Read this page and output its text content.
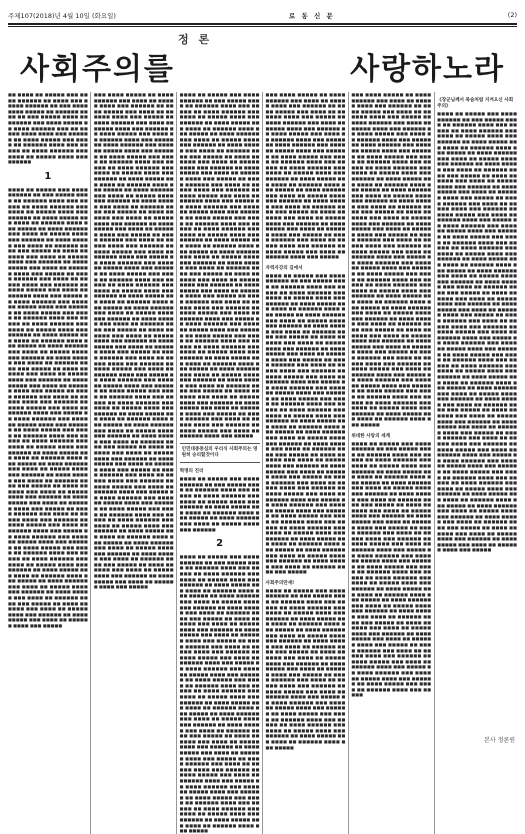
주체107(2018)년 4월 10일 (화요일)	로 동 신 문	(2)
정 론
사회주의를	사랑하노라
■■ ■■■■ ■■ ■■■■■ ■■■ ■■■■ ■■■■■■ ■■ ■■■■ ■■■ ■■■■■ ■■■■■■ ■■ ■■■ ■■■■ ■■■■ ■■■■■ ■■ ■■■■■■ ■■■■ ■■ ■■■ ■■■■■ ■■■■ ■■ ■■■■■■ ■■■ ■■■■ ■■■■■ ■■ ■■■■ ■■■■■■ ■■■ ■■ ■■■■■ ■■■■ ■■■■ ■■■ ■■■■■■ ■■ ■■■■ ■■■■■ ■■■ ■■■■ ■■ ■■■■■■ ■■■■ ■■■ ■■■■■ ■■ ■■■■ ■■■■■■ ■■■ ■■■■ ■■ ■■■■■ ■■■■ ■■■ ■■■■■■
1
■■■■ ■■ ■■■■■ ■■■ ■■■■ ■■■■■■ ■■ ■■■ ■■■■■ ■■■■ ■■ ■■■■■■ ■■■■ ■■■ ■■■■■ ■■ ■■■■ ■■■■■■ ■■■ ■■■■ ■■ ■■■■■ ■■■■ ■■■ ■■■■■■ ■■ ■■■■ ■■■■■ ■■■ ■■■■ ■■ ■■■■■■ ■■■■ ■■■ ■■■■■ ■■ ■■■■ ■■■■■■ ■■■ ■■■■ ■■ ■■■■■ ■■■■ ■■■ ■■■■■■ ■■ ■■■■ ■■■■■ ■■■ ■■■■ ■■ ■■■■■■ ■■■■ ■■■ ■■■■■ ■■ ■■■■ ■■■■■■ ■■■ ■■■■ ■■ ■■■■■ ■■■■ ■■■ ■■■■■■ ■■ ■■■■ ■■■■■ ■■■ ■■■■ ■■ ■■■■■■ ■■■■ ■■■ ■■■■■ ■■ ■■■■ ■■■■■■ ■■■ ■■■■ ■■ ■■■■■ ■■■■ ■■■ ■■■■■■ ■■ ■■■■ ■■■■■ ■■■ ■■■■ ■■ ■■■■■■ ■■■■ ■■■ ■■■■■ ■■ ■■■■ ■■■■■■ ■■■ ■■■■ ■■ ■■■■■ ■■■■ ■■■ ■■■■■■ ■■ ■■■■ ■■■■■ ■■■ ■■■■ ■■ ■■■■■■ ■■■■ ■■■ ■■■■■ ■■ ■■■■ ■■■■■■ ■■■ ■■■■ ■■ ■■■■■ ■■■■ ■■■ ■■■■■■ ■■ ■■■■ ■■■■■ ■■■ ■■■■ ■■ ■■■■■■ ■■■■ ■■■ ■■■■■ ■■ ■■■■ ■■■■■■ ■■■ ■■■■ ■■ ■■■■■ ■■■■ ■■■ ■■■■■■ ■■ ■■■■ ■■■■■ ■■■ ■■■■ ■■ ■■■■■■ ■■■■ ■■■ ■■■■■ ■■ ■■■■ ■■■■■■ ■■■ ■■■■ ■■ ■■■■■ ■■■■ ■■■ ■■■■■■ ■■ ■■■■ ■■■■■ ■■■ ■■■■ ■■ ■■■■■■ ■■■■ ■■■ ■■■■■ ■■ ■■■■ ■■■■■■ ■■■ ■■■■ ■■ ■■■■■ ■■■■ ■■■ ■■■■■■ ■■ ■■■■ ■■■■■ ■■■ ■■■■ ■■ ■■■■■■ ■■■■ ■■■ ■■■■■ ■■ ■■■■ ■■■■■■ ■■■ ■■■■ ■■ ■■■■■ ■■■■ ■■■ ■■■■■■ ■■ ■■■■ ■■■■■ ■■■ ■■■■ ■■ ■■■■■■ ■■■■ ■■■ ■■■■■ ■■ ■■■■ ■■■■■■ ■■■ ■■■■ ■■ ■■■■■ ■■■■ ■■■ ■■■■■■ ■■ ■■■■ ■■■■■ ■■■ ■■■■ ■■ ■■■■■■ ■■■■ ■■■ ■■■■■ ■■ ■■■■ ■■■■■■ ■■■ ■■■■ ■■ ■■■■■ ■■■■ ■■■ ■■■■■■ ■■ ■■■■ ■■■■■ ■■■ ■■■■ ■■ ■■■■■■ ■■■■ ■■■ ■■■■■ ■■ ■■■■ ■■■■■■ ■■■ ■■■■ ■■ ■■■■■ ■■■■ ■■■ ■■■■■■ ■■ ■■■■ ■■■■■ ■■■ ■■■■ ■■ ■■■■■■ ■■■■ ■■■ ■■■■■ ■■ ■■■■ ■■■■■■ ■■■ ■■■■ ■■ ■■■■■ ■■■■ ■■■ ■■■■■■ ■■ ■■■■ ■■■■■ ■■■ ■■■■ ■■ ■■■■■■ ■■■■ ■■■ ■■■■■ ■■ ■■■■ ■■■■■■ ■■■ ■■■■ ■■ ■■■■■ ■■■■ ■■■ ■■■■■■ ■■ ■■■■ ■■■■■ ■■■ ■■■■ ■■ ■■■■■■ ■■■■ ■■■ ■■■■■ ■■ ■■■■ ■■■■■■ ■■■ ■■■■ ■■ ■■■■■ ■■■■ ■■■ ■■■■■■ ■■ ■■■■ ■■■■■ ■■■ ■■■■ ■■ ■■■■■■ ■■■■ ■■■ ■■■■■ ■■ ■■■■ ■■■■■■ ■■■ ■■■■ ■■ ■■■■■ ■■■■ ■■■ ■■■■■■ ■■ ■■■■ ■■■■■ ■■■ ■■■■ ■■ ■■■■■■ ■■■■ ■■■ ■■■■■ ■■ ■■■■ ■■■■■■ ■■■ ■■■■ ■■ ■■■■■ ■■■■ ■■■ ■■■■■■ ■■ ■■■■ ■■■■■ ■■■ ■■■■ ■■ ■■■■■■ ■■■■ ■■■ ■■■■■
■■■ ■■■■ ■■■■■ ■■ ■■■■ ■■■■■■ ■■■ ■■■■ ■■ ■■■■■ ■■■■ ■■■ ■■■■■■ ■■ ■■■■ ■■■■■ ■■■ ■■■■ ■■ ■■■■■■ ■■■■ ■■■ ■■■■■ ■■ ■■■■ ■■■■■■ ■■■ ■■■■ ■■ ■■■■■ ■■■■ ■■■ ■■■■■■ ■■ ■■■■ ■■■■■ ■■■ ■■■■ ■■ ■■■■■■ ■■■■ ■■■ ■■■■■ ■■ ■■■■ ■■■■■■ ■■■ ■■■■ ■■ ■■■■■ ■■■■ ■■■ ■■■■■■ ■■ ■■■■ ■■■■■ ■■■ ■■■■ ■■ ■■■■■■ ■■■■ ■■■ ■■■■■ ■■ ■■■■ ■■■■■■ ■■■ ■■■■ ■■ ■■■■■ ■■■■ ■■■ ■■■■■■ ■■ ■■■■ ■■■■■ ■■■ ■■■■ ■■ ■■■■■■ ■■■■ ■■■ ■■■■■ ■■ ■■■■ ■■■■■■ ■■■ ■■■■ ■■ ■■■■■ ■■■■ ■■■ ■■■■■■ ■■ ■■■■ ■■■■■ ■■■ ■■■■ ■■ ■■■■■■ ■■■■ ■■■ ■■■■■ ■■ ■■■■ ■■■■■■ ■■■ ■■■■ ■■ ■■■■■ ■■■■ ■■■ ■■■■■■ ■■ ■■■■ ■■■■■ ■■■ ■■■■ ■■ ■■■■■■ ■■■■ ■■■ ■■■■■ ■■ ■■■■ ■■■■■■ ■■■ ■■■■ ■■ ■■■■■ ■■■■ ■■■ ■■■■■■ ■■ ■■■■ ■■■■■ ■■■ ■■■■ ■■ ■■■■■■ ■■■■ ■■■ ■■■■■ ■■ ■■■■ ■■■■■■ ■■■ ■■■■ ■■ ■■■■■ ■■■■ ■■■ ■■■■■■ ■■ ■■■■ ■■■■■ ■■■ ■■■■ ■■ ■■■■■■ ■■■■ ■■■ ■■■■■ ■■ ■■■■ ■■■■■■ ■■■ ■■■■ ■■ ■■■■■ ■■■■ ■■■ ■■■■■■ ■■ ■■■■ ■■■■■ ■■■ ■■■■ ■■ ■■■■■■ ■■■■ ■■■ ■■■■■ ■■ ■■■■ ■■■■■■ ■■■ ■■■■ ■■ ■■■■■ ■■■■ ■■■ ■■■■■■ ■■ ■■■■ ■■■■■ ■■■ ■■■■ ■■ ■■■■■■ ■■■■ ■■■ ■■■■■ ■■ ■■■■ ■■■■■■ ■■■ ■■■■ ■■ ■■■■■ ■■■■ ■■■ ■■■■■■ ■■ ■■■■ ■■■■■ ■■■ ■■■■ ■■ ■■■■■■ ■■■■ ■■■ ■■■■■ ■■ ■■■■ ■■■■■■ ■■■ ■■■■ ■■ ■■■■■ ■■■■ ■■■ ■■■■■■ ■■ ■■■■ ■■■■■ ■■■ ■■■■ ■■ ■■■■■■ ■■■■ ■■■ ■■■■■ ■■ ■■■■ ■■■■■■ ■■■ ■■■■ ■■ ■■■■■ ■■■■ ■■■ ■■■■■■ ■■ ■■■■ ■■■■■ ■■■ ■■■■ ■■ ■■■■■■ ■■■■ ■■■ ■■■■■ ■■ ■■■■ ■■■■■■ ■■■ ■■■■ ■■ ■■■■■ ■■■■ ■■■ ■■■■■■ ■■ ■■■■ ■■■■■ ■■■ ■■■■ ■■ ■■■■■■ ■■■■ ■■■ ■■■■■ ■■ ■■■■ ■■■■■■ ■■■ ■■■■ ■■ ■■■■■ ■■■■ ■■■ ■■■■■■ ■■ ■■■■ ■■■■■ ■■■ ■■■■ ■■ ■■■■■■ ■■■■ ■■■ ■■■■■ ■■ ■■■■ ■■■■■■ ■■■ ■■■■ ■■ ■■■■■ ■■■■ ■■■ ■■■■■■ ■■ ■■■■ ■■■■■ ■■■ ■■■■ ■■ ■■■■■■ ■■■■ ■■■ ■■■■■ ■■ ■■■■ ■■■■■■ ■■■ ■■■■ ■■ ■■■■■ ■■■■ ■■■ ■■■■■■ ■■ ■■■■ ■■■■■ ■■■ ■■■■ ■■ ■■■■■■ ■■■■ ■■■ ■■■■■ ■■ ■■■■ ■■■■■■ ■■■ ■■■■ ■■ ■■■■■ ■■■■ ■■■ ■■■■■■ ■■ ■■■■ ■■■■■ ■■■ ■■■■ ■■ ■■■■■■ ■■■■ ■■■ ■■■■■ ■■ ■■■■ ■■■■■■ ■■■ ■■■■ ■■ ■■■■■ ■■■■ ■■■ ■■■■■■ ■■ ■■■■ ■■■■■ ■■■ ■■■■ ■■ ■■■■■■ ■■■■ ■■■ ■■■■■ ■■ ■■■■ ■■■■■■ ■■■ ■■■■ ■■ ■■■■■ ■■■■ ■■■ ■■■■■■ ■■ ■■■■ ■■■■■ ■■■ ■■■■ ■■ ■■■■■■ ■■■■ ■■■ ■■■■■ ■■ ■■■■ ■■■■■■ ■■■ ■■■■ ■■ ■■■■■ ■■■■ ■■■ ■■■■■■ ■■ ■■■■ ■■■■■ ■■■ ■■■■ ■■ ■■■■■■ ■■■■ ■■■ ■■■■■
■■■■ ■■ ■■■■■ ■■■ ■■■■ ■■■■■■ ■■ ■■■ ■■■■■ ■■■■ ■■ ■■■■■■ ■■■■ ■■■ ■■■■■ ■■ ■■■■ ■■■■■■ ■■■ ■■■■ ■■ ■■■■■ ■■■■ ■■■ ■■■■■■ ■■ ■■■■ ■■■■■ ■■■ ■■■■ ■■ ■■■■■■ ■■■■ ■■■ ■■■■■ ■■ ■■■■ ■■■■■■ ■■■ ■■■■ ■■ ■■■■■ ■■■■ ■■■ ■■■■■■ ■■ ■■■■ ■■■■■ ■■■ ■■■■ ■■ ■■■■■■ ■■■■ ■■■ ■■■■■ ■■ ■■■■ ■■■■■■ ■■■ ■■■■ ■■ ■■■■■ ■■■■ ■■■ ■■■■■■ ■■ ■■■■ ■■■■■ ■■■ ■■■■ ■■ ■■■■■■ ■■■■ ■■■ ■■■■■ ■■ ■■■■ ■■■■■■ ■■■ ■■■■ ■■ ■■■■■ ■■■■ ■■■ ■■■■■■ ■■ ■■■■ ■■■■■ ■■■ ■■■■ ■■ ■■■■■■ ■■■■ ■■■ ■■■■■ ■■ ■■■■ ■■■■■■ ■■■ ■■■■ ■■ ■■■■■ ■■■■ ■■■ ■■■■■■ ■■ ■■■■ ■■■■■ ■■■ ■■■■ ■■ ■■■■■■ ■■■■ ■■■ ■■■■■ ■■ ■■■■ ■■■■■■ ■■■ ■■■■ ■■ ■■■■■ ■■■■ ■■■ ■■■■■■ ■■ ■■■■ ■■■■■ ■■■ ■■■■ ■■ ■■■■■■ ■■■■ ■■■ ■■■■■ ■■ ■■■■ ■■■■■■ ■■■ ■■■■ ■■ ■■■■■ ■■■■ ■■■ ■■■■■■ ■■ ■■■■ ■■■■■ ■■■ ■■■■ ■■ ■■■■■■ ■■■■ ■■■ ■■■■■ ■■ ■■■■ ■■■■■■ ■■■ ■■■■ ■■ ■■■■■ ■■■■ ■■■ ■■■■■■ ■■ ■■■■ ■■■■■ ■■■ ■■■■ ■■ ■■■■■■ ■■■■ ■■■ ■■■■■ ■■ ■■■■ ■■■■■■ ■■■ ■■■■ ■■ ■■■■■ ■■■■ ■■■ ■■■■■■ ■■ ■■■■ ■■■■■ ■■■ ■■■■ ■■ ■■■■■■ ■■■■ ■■■ ■■■■■ ■■ ■■■■ ■■■■■■ ■■■ ■■■■ ■■ ■■■■■ ■■■■ ■■■ ■■■■■■ ■■ ■■■■ ■■■■■ ■■■ ■■■■ ■■ ■■■■■■ ■■■■ ■■■ ■■■■■ ■■ ■■■■ ■■■■■■ ■■■ ■■■■ ■■ ■■■■■ ■■■■ ■■■ ■■■■■■ ■■ ■■■■ ■■■■■ ■■■ ■■■■ ■■ ■■■■■■ ■■■■ ■■■ ■■■■■ ■■ ■■■■ ■■■■■■ ■■■ ■■■■ ■■ ■■■■■ ■■■■ ■■■ ■■■■■■ ■■ ■■■■ ■■■■■ ■■■ ■■■■ ■■ ■■■■■■ ■■■■ ■■■ ■■■■■ ■■ ■■■■ ■■■■■■ ■■■ ■■■■ ■■ ■■■■■ ■■■■ ■■■ ■■■■■■ ■■ ■■■■ ■■■■■ ■■■ ■■■■ ■■ ■■■■■■ ■■■■ ■■■ ■■■■■ ■■ ■■■■ ■■■■■■ ■■■ ■■■■ ■■ ■■■■■ ■■■■ ■■■ ■■■■■■ ■■ ■■■■ ■■■■■ ■■■ ■■■■ ■■ ■■■■■■ ■■■■ ■■■ ■■■■■
인민대중중심의 우리식 사회주의는 영원히 승리할것이다
혁명의 진리
■■■■ ■■ ■■■■■ ■■■ ■■■■ ■■■■■■ ■■ ■■■ ■■■■■ ■■■■ ■■ ■■■■■■ ■■■■ ■■■ ■■■■■ ■■ ■■■■ ■■■■■■ ■■■ ■■■■ ■■ ■■■■■ ■■■■ ■■■ ■■■■■■ ■■ ■■■■ ■■■■■ ■■■ ■■■■ ■■ ■■■■■■ ■■■■ ■■■ ■■■■■ ■■ ■■■■ ■■■■■■ ■■■ ■■■■ ■■ ■■■■■ ■■■■ ■■■ ■■■■■■
2
■■■■ ■■ ■■■■■ ■■■ ■■■■ ■■■■■■ ■■ ■■■ ■■■■■ ■■■■ ■■ ■■■■■■ ■■■■ ■■■ ■■■■■ ■■ ■■■■ ■■■■■■ ■■■ ■■■■ ■■ ■■■■■ ■■■■ ■■■ ■■■■■■ ■■ ■■■■ ■■■■■ ■■■ ■■■■ ■■ ■■■■■■ ■■■■ ■■■ ■■■■■ ■■ ■■■■ ■■■■■■ ■■■ ■■■■ ■■ ■■■■■ ■■■■ ■■■ ■■■■■■ ■■ ■■■■ ■■■■■ ■■■ ■■■■ ■■ ■■■■■■ ■■■■ ■■■ ■■■■■ ■■ ■■■■ ■■■■■■ ■■■ ■■■■ ■■ ■■■■■ ■■■■ ■■■ ■■■■■■ ■■ ■■■■ ■■■■■ ■■■ ■■■■ ■■ ■■■■■■ ■■■■ ■■■ ■■■■■ ■■ ■■■■ ■■■■■■ ■■■ ■■■■ ■■ ■■■■■ ■■■■ ■■■ ■■■■■■ ■■ ■■■■ ■■■■■ ■■■ ■■■■ ■■ ■■■■■■ ■■■■ ■■■ ■■■■■ ■■ ■■■■ ■■■■■■ ■■■ ■■■■ ■■ ■■■■■ ■■■■ ■■■ ■■■■■■ ■■ ■■■■ ■■■■■ ■■■ ■■■■ ■■ ■■■■■■ ■■■■ ■■■ ■■■■■ ■■ ■■■■ ■■■■■■ ■■■ ■■■■ ■■ ■■■■■ ■■■■ ■■■ ■■■■■■ ■■ ■■■■ ■■■■■ ■■■ ■■■■ ■■ ■■■■■■ ■■■■ ■■■ ■■■■■ ■■ ■■■■ ■■■■■■ ■■■ ■■■■ ■■ ■■■■■ ■■■■ ■■■ ■■■■■■ ■■ ■■■■ ■■■■■ ■■■ ■■■■ ■■ ■■■■■■ ■■■■ ■■■ ■■■■■ ■■ ■■■■ ■■■■■■ ■■■ ■■■■ ■■ ■■■■■ ■■■■ ■■■ ■■■■■■ ■■ ■■■■ ■■■■■ ■■■ ■■■■ ■■ ■■■■■■ ■■■■ ■■■ ■■■■■ ■■ ■■■■ ■■■■■■ ■■■ ■■■■ ■■ ■■■■■ ■■■■ ■■■ ■■■■■■ ■■ ■■■■ ■■■■■ ■■■ ■■■■ ■■ ■■■■■■ ■■■■ ■■■ ■■■■■ ■■ ■■■■ ■■■■■■ ■■■ ■■■■ ■■ ■■■■■ ■■■■ ■■■ ■■■■■■ ■■ ■■■■ ■■■■■ ■■■ ■■■■ ■■ ■■■■■■ ■■■■ ■■■ ■■■■■ ■■ ■■■■ ■■■■■■ ■■■ ■■■■ ■■ ■■■■■ ■■■■ ■■■ ■■■■■■ ■■ ■■■■ ■■■■■ ■■■ ■■■■ ■■ ■■■■■■ ■■■■ ■■■ ■■■■■
■■■ ■■■■ ■■■■■ ■■ ■■■■ ■■■■■■ ■■■ ■■■■ ■■ ■■■■■ ■■■■ ■■■ ■■■■■■ ■■ ■■■■ ■■■■■ ■■■ ■■■■ ■■ ■■■■■■ ■■■■ ■■■ ■■■■■ ■■ ■■■■ ■■■■■■ ■■■ ■■■■ ■■ ■■■■■ ■■■■ ■■■ ■■■■■■ ■■ ■■■■ ■■■■■ ■■■ ■■■■ ■■ ■■■■■■ ■■■■ ■■■ ■■■■■ ■■ ■■■■ ■■■■■■ ■■■ ■■■■ ■■ ■■■■■ ■■■■ ■■■ ■■■■■■ ■■ ■■■■ ■■■■■ ■■■ ■■■■ ■■ ■■■■■■ ■■■■ ■■■ ■■■■■ ■■ ■■■■ ■■■■■■ ■■■ ■■■■ ■■ ■■■■■ ■■■■ ■■■ ■■■■■■ ■■ ■■■■ ■■■■■ ■■■ ■■■■ ■■ ■■■■■■ ■■■■ ■■■ ■■■■■ ■■ ■■■■ ■■■■■■ ■■■ ■■■■ ■■ ■■■■■ ■■■■ ■■■ ■■■■■■ ■■ ■■■■ ■■■■■ ■■■ ■■■■ ■■ ■■■■■■ ■■■■ ■■■ ■■■■■ ■■ ■■■■ ■■■■■■ ■■■ ■■■■ ■■ ■■■■■ ■■■■ ■■■ ■■■■■■ ■■ ■■■■ ■■■■■ ■■■ ■■■■ ■■ ■■■■■■ ■■■■ ■■■ ■■■■■ ■■ ■■■■ ■■■■■■ ■■■ ■■■■ ■■ ■■■■■ ■■■■ ■■■ ■■■■■■ ■■ ■■■■ ■■■■■ ■■■ ■■■■ ■■ ■■■■■■ ■■■■ ■■■ ■■■■■
자력자강의 길에서
■■■■ ■■ ■■■■■ ■■■ ■■■■ ■■■■■■ ■■ ■■■ ■■■■■ ■■■■ ■■ ■■■■■■ ■■■■ ■■■ ■■■■■ ■■ ■■■■ ■■■■■■ ■■■ ■■■■ ■■ ■■■■■ ■■■■ ■■■ ■■■■■■ ■■ ■■■■ ■■■■■ ■■■ ■■■■ ■■ ■■■■■■ ■■■■ ■■■ ■■■■■ ■■ ■■■■ ■■■■■■ ■■■ ■■■■ ■■ ■■■■■ ■■■■ ■■■ ■■■■■■ ■■ ■■■■ ■■■■■ ■■■ ■■■■ ■■ ■■■■■■ ■■■■ ■■■ ■■■■■ ■■ ■■■■ ■■■■■■ ■■■ ■■■■ ■■ ■■■■■ ■■■■ ■■■ ■■■■■■ ■■ ■■■■ ■■■■■ ■■■ ■■■■ ■■ ■■■■■■ ■■■■ ■■■ ■■■■■ ■■ ■■■■ ■■■■■■ ■■■ ■■■■ ■■ ■■■■■ ■■■■ ■■■ ■■■■■■ ■■ ■■■■ ■■■■■ ■■■ ■■■■ ■■ ■■■■■■ ■■■■ ■■■ ■■■■■ ■■ ■■■■ ■■■■■■ ■■■ ■■■■ ■■ ■■■■■ ■■■■ ■■■ ■■■■■■ ■■ ■■■■ ■■■■■ ■■■ ■■■■ ■■ ■■■■■■ ■■■■ ■■■ ■■■■■ ■■ ■■■■ ■■■■■■ ■■■ ■■■■ ■■ ■■■■■ ■■■■ ■■■ ■■■■■■ ■■ ■■■■ ■■■■■ ■■■ ■■■■ ■■ ■■■■■■ ■■■■ ■■■ ■■■■■ ■■ ■■■■ ■■■■■■ ■■■ ■■■■ ■■ ■■■■■ ■■■■ ■■■ ■■■■■■ ■■ ■■■■ ■■■■■ ■■■ ■■■■ ■■ ■■■■■■ ■■■■ ■■■ ■■■■■ ■■ ■■■■ ■■■■■■ ■■■ ■■■■ ■■ ■■■■■ ■■■■ ■■■ ■■■■■■ ■■ ■■■■ ■■■■■ ■■■ ■■■■ ■■ ■■■■■■ ■■■■ ■■■ ■■■■■ ■■ ■■■■ ■■■■■■ ■■■ ■■■■ ■■ ■■■■■ ■■■■ ■■■ ■■■■■■ ■■ ■■■■ ■■■■■ ■■■ ■■■■ ■■ ■■■■■■ ■■■■ ■■■ ■■■■■ ■■ ■■■■ ■■■■■■ ■■■ ■■■■ ■■ ■■■■■ ■■■■ ■■■ ■■■■■■ ■■ ■■■■ ■■■■■ ■■■ ■■■■ ■■ ■■■■■■ ■■■■ ■■■ ■■■■■ ■■ ■■■■ ■■■■■■ ■■■ ■■■■ ■■ ■■■■■ ■■■■ ■■■ ■■■■■■ ■■ ■■■■ ■■■■■ ■■■ ■■■■ ■■ ■■■■■■ ■■■■ ■■■ ■■■■■ ■■ ■■■■ ■■■■■■ ■■■ ■■■■ ■■ ■■■■■ ■■■■ ■■■ ■■■■■■ ■■ ■■■■ ■■■■■ ■■■ ■■■■ ■■ ■■■■■■ ■■■■ ■■■ ■■■■■
사회주의만세!
■■■■ ■■ ■■■■■ ■■■ ■■■■ ■■■■■■ ■■ ■■■ ■■■■■ ■■■■ ■■ ■■■■■■ ■■■■ ■■■ ■■■■■ ■■ ■■■■ ■■■■■■ ■■■ ■■■■ ■■ ■■■■■ ■■■■ ■■■ ■■■■■■ ■■ ■■■■ ■■■■■ ■■■ ■■■■ ■■ ■■■■■■ ■■■■ ■■■ ■■■■■ ■■ ■■■■ ■■■■■■ ■■■ ■■■■ ■■ ■■■■■ ■■■■ ■■■ ■■■■■■ ■■ ■■■■ ■■■■■ ■■■ ■■■■ ■■ ■■■■■■ ■■■■ ■■■ ■■■■■ ■■ ■■■■ ■■■■■■ ■■■ ■■■■ ■■ ■■■■■ ■■■■ ■■■ ■■■■■■ ■■ ■■■■ ■■■■■ ■■■ ■■■■ ■■ ■■■■■■ ■■■■ ■■■ ■■■■■ ■■ ■■■■ ■■■■■■ ■■■ ■■■■ ■■ ■■■■■ ■■■■ ■■■ ■■■■■■ ■■ ■■■■ ■■■■■ ■■■ ■■■■ ■■ ■■■■■■ ■■■■ ■■■ ■■■■■ ■■ ■■■■ ■■■■■■ ■■■ ■■■■ ■■ ■■■■■ ■■■■ ■■■ ■■■■■■ ■■ ■■■■ ■■■■■ ■■■ ■■■■ ■■ ■■■■■■ ■■■■ ■■■ ■■■■■ ■■ ■■■■ ■■■■■■ ■■■ ■■■■ ■■ ■■■■■ ■■■■ ■■■ ■■■■■■ ■■ ■■■■ ■■■■■ ■■■ ■■■■ ■■ ■■■■■■ ■■■■ ■■■ ■■■■■
■■■ ■■■■ ■■■■■ ■■ ■■■■ ■■■■■■ ■■■ ■■■■ ■■ ■■■■■ ■■■■ ■■■ ■■■■■■ ■■ ■■■■ ■■■■■ ■■■ ■■■■ ■■ ■■■■■■ ■■■■ ■■■ ■■■■■ ■■ ■■■■ ■■■■■■ ■■■ ■■■■ ■■ ■■■■■ ■■■■ ■■■ ■■■■■■ ■■ ■■■■ ■■■■■ ■■■ ■■■■ ■■ ■■■■■■ ■■■■ ■■■ ■■■■■ ■■ ■■■■ ■■■■■■ ■■■ ■■■■ ■■ ■■■■■ ■■■■ ■■■ ■■■■■■ ■■ ■■■■ ■■■■■ ■■■ ■■■■ ■■ ■■■■■■ ■■■■ ■■■ ■■■■■ ■■ ■■■■ ■■■■■■ ■■■ ■■■■ ■■ ■■■■■ ■■■■ ■■■ ■■■■■■ ■■ ■■■■ ■■■■■ ■■■ ■■■■ ■■ ■■■■■■ ■■■■ ■■■ ■■■■■ ■■ ■■■■ ■■■■■■ ■■■ ■■■■ ■■ ■■■■■ ■■■■ ■■■ ■■■■■■ ■■ ■■■■ ■■■■■ ■■■ ■■■■ ■■ ■■■■■■ ■■■■ ■■■ ■■■■■ ■■ ■■■■ ■■■■■■ ■■■ ■■■■ ■■ ■■■■■ ■■■■ ■■■ ■■■■■■ ■■ ■■■■ ■■■■■ ■■■ ■■■■ ■■ ■■■■■■ ■■■■ ■■■ ■■■■■ ■■ ■■■■ ■■■■■■ ■■■ ■■■■ ■■ ■■■■■ ■■■■ ■■■ ■■■■■■ ■■ ■■■■ ■■■■■ ■■■ ■■■■ ■■ ■■■■■■ ■■■■ ■■■ ■■■■■ ■■ ■■■■ ■■■■■■ ■■■ ■■■■ ■■ ■■■■■ ■■■■ ■■■ ■■■■■■ ■■ ■■■■ ■■■■■ ■■■ ■■■■ ■■ ■■■■■■ ■■■■ ■■■ ■■■■■ ■■ ■■■■ ■■■■■■ ■■■ ■■■■ ■■ ■■■■■ ■■■■ ■■■ ■■■■■■ ■■ ■■■■ ■■■■■ ■■■ ■■■■ ■■ ■■■■■■ ■■■■ ■■■ ■■■■■ ■■ ■■■■ ■■■■■■ ■■■ ■■■■ ■■ ■■■■■ ■■■■ ■■■ ■■■■■■ ■■ ■■■■ ■■■■■ ■■■ ■■■■ ■■ ■■■■■■ ■■■■ ■■■ ■■■■■ ■■ ■■■■ ■■■■■■ ■■■ ■■■■ ■■ ■■■■■ ■■■■ ■■■ ■■■■■■ ■■ ■■■■ ■■■■■ ■■■ ■■■■ ■■ ■■■■■■ ■■■■ ■■■ ■■■■■ ■■ ■■■■ ■■■■■■ ■■■ ■■■■ ■■ ■■■■■ ■■■■ ■■■ ■■■■■■ ■■ ■■■■ ■■■■■ ■■■ ■■■■ ■■ ■■■■■■ ■■■■ ■■■ ■■■■■ ■■ ■■■■ ■■■■■■ ■■■ ■■■■ ■■ ■■■■■ ■■■■ ■■■ ■■■■■■ ■■ ■■■■ ■■■■■ ■■■ ■■■■ ■■ ■■■■■■ ■■■■ ■■■ ■■■■■ ■■ ■■■■ ■■■■■■ ■■■ ■■■■ ■■ ■■■■■ ■■■■ ■■■ ■■■■■■ ■■ ■■■■ ■■■■■ ■■■ ■■■■ ■■ ■■■■■■ ■■■■ ■■■ ■■■■■
위대한 사랑의 세계
■■■■ ■■ ■■■■■ ■■■ ■■■■ ■■■■■■ ■■ ■■■ ■■■■■ ■■■■ ■■ ■■■■■■ ■■■■ ■■■ ■■■■■ ■■ ■■■■ ■■■■■■ ■■■ ■■■■ ■■ ■■■■■ ■■■■ ■■■ ■■■■■■ ■■ ■■■■ ■■■■■ ■■■ ■■■■ ■■ ■■■■■■ ■■■■ ■■■ ■■■■■ ■■ ■■■■ ■■■■■■ ■■■ ■■■■ ■■ ■■■■■ ■■■■ ■■■ ■■■■■■ ■■ ■■■■ ■■■■■ ■■■ ■■■■ ■■ ■■■■■■ ■■■■ ■■■ ■■■■■ ■■ ■■■■ ■■■■■■ ■■■ ■■■■ ■■ ■■■■■ ■■■■ ■■■ ■■■■■■ ■■ ■■■■ ■■■■■ ■■■ ■■■■ ■■ ■■■■■■ ■■■■ ■■■ ■■■■■ ■■ ■■■■ ■■■■■■ ■■■ ■■■■ ■■ ■■■■■ ■■■■ ■■■ ■■■■■■ ■■ ■■■■ ■■■■■ ■■■ ■■■■ ■■ ■■■■■■ ■■■■ ■■■ ■■■■■ ■■ ■■■■ ■■■■■■ ■■■ ■■■■ ■■ ■■■■■ ■■■■ ■■■ ■■■■■■ ■■ ■■■■ ■■■■■ ■■■ ■■■■ ■■ ■■■■■■ ■■■■ ■■■ ■■■■■ ■■ ■■■■ ■■■■■■ ■■■ ■■■■ ■■ ■■■■■ ■■■■ ■■■ ■■■■■■ ■■ ■■■■ ■■■■■ ■■■ ■■■■ ■■ ■■■■■■ ■■■■ ■■■ ■■■■■ ■■ ■■■■ ■■■■■■ ■■■ ■■■■ ■■ ■■■■■ ■■■■ ■■■ ■■■■■■ ■■ ■■■■ ■■■■■ ■■■ ■■■■ ■■ ■■■■■■ ■■■■ ■■■ ■■■■■ ■■ ■■■■ ■■■■■■ ■■■ ■■■■ ■■ ■■■■■ ■■■■ ■■■ ■■■■■■ ■■ ■■■■ ■■■■■ ■■■ ■■■■ ■■ ■■■■■■ ■■■■ ■■■ ■■■■■ ■■ ■■■■ ■■■■■■ ■■■ ■■■■ ■■ ■■■■■ ■■■■ ■■■ ■■■■■■ ■■ ■■■■ ■■■■■ ■■■ ■■■■ ■■ ■■■■■■ ■■■■ ■■■ ■■■■■ ■■ ■■■■ ■■■■■■ ■■■ ■■■■ ■■ ■■■■■ ■■■■ ■■■ ■■■■■■ ■■ ■■■■ ■■■■■ ■■■ ■■■■ ■■ ■■■■■■ ■■■■ ■■■ ■■■■■
《장군님께서 목숨처럼 지켜오신 사회주의》
■■■■ ■■ ■■■■■ ■■■ ■■■■ ■■■■■■ ■■ ■■■ ■■■■■ ■■■■ ■■ ■■■■■■ ■■■■ ■■■ ■■■■■ ■■ ■■■■ ■■■■■■ ■■■ ■■■■ ■■ ■■■■■ ■■■■ ■■■ ■■■■■■ ■■ ■■■■ ■■■■■ ■■■ ■■■■ ■■ ■■■■■■ ■■■■ ■■■ ■■■■■ ■■ ■■■■ ■■■■■■ ■■■ ■■■■ ■■ ■■■■■ ■■■■ ■■■ ■■■■■■ ■■ ■■■■ ■■■■■ ■■■ ■■■■ ■■ ■■■■■■ ■■■■ ■■■ ■■■■■ ■■ ■■■■ ■■■■■■ ■■■ ■■■■ ■■ ■■■■■ ■■■■ ■■■ ■■■■■■ ■■ ■■■■ ■■■■■ ■■■ ■■■■ ■■ ■■■■■■ ■■■■ ■■■ ■■■■■ ■■ ■■■■ ■■■■■■ ■■■ ■■■■ ■■ ■■■■■ ■■■■ ■■■ ■■■■■■ ■■ ■■■■ ■■■■■ ■■■ ■■■■ ■■ ■■■■■■ ■■■■ ■■■ ■■■■■ ■■ ■■■■ ■■■■■■ ■■■ ■■■■ ■■ ■■■■■ ■■■■ ■■■ ■■■■■■ ■■ ■■■■ ■■■■■ ■■■ ■■■■ ■■ ■■■■■■ ■■■■ ■■■ ■■■■■ ■■ ■■■■ ■■■■■■ ■■■ ■■■■ ■■ ■■■■■ ■■■■ ■■■ ■■■■■■ ■■ ■■■■ ■■■■■ ■■■ ■■■■ ■■ ■■■■■■ ■■■■ ■■■ ■■■■■ ■■ ■■■■ ■■■■■■ ■■■ ■■■■ ■■ ■■■■■ ■■■■ ■■■ ■■■■■■ ■■ ■■■■ ■■■■■ ■■■ ■■■■ ■■ ■■■■■■ ■■■■ ■■■ ■■■■■ ■■ ■■■■ ■■■■■■ ■■■ ■■■■ ■■ ■■■■■ ■■■■ ■■■ ■■■■■■ ■■ ■■■■ ■■■■■ ■■■ ■■■■ ■■ ■■■■■■ ■■■■ ■■■ ■■■■■ ■■ ■■■■ ■■■■■■ ■■■ ■■■■ ■■ ■■■■■ ■■■■ ■■■ ■■■■■■ ■■ ■■■■ ■■■■■ ■■■ ■■■■ ■■ ■■■■■■ ■■■■ ■■■ ■■■■■ ■■ ■■■■ ■■■■■■ ■■■ ■■■■ ■■ ■■■■■ ■■■■ ■■■ ■■■■■■ ■■ ■■■■ ■■■■■ ■■■ ■■■■ ■■ ■■■■■■ ■■■■ ■■■ ■■■■■ ■■ ■■■■ ■■■■■■ ■■■ ■■■■ ■■ ■■■■■ ■■■■ ■■■ ■■■■■■ ■■ ■■■■ ■■■■■ ■■■ ■■■■ ■■ ■■■■■■ ■■■■ ■■■ ■■■■■ ■■ ■■■■ ■■■■■■ ■■■ ■■■■ ■■ ■■■■■ ■■■■ ■■■ ■■■■■■ ■■ ■■■■ ■■■■■ ■■■ ■■■■ ■■ ■■■■■■ ■■■■ ■■■ ■■■■■ ■■ ■■■■ ■■■■■■ ■■■ ■■■■ ■■ ■■■■■ ■■■■ ■■■ ■■■■■■ ■■ ■■■■ ■■■■■ ■■■ ■■■■ ■■ ■■■■■■ ■■■■ ■■■ ■■■■■ ■■ ■■■■ ■■■■■■ ■■■ ■■■■ ■■ ■■■■■ ■■■■ ■■■ ■■■■■■ ■■ ■■■■ ■■■■■ ■■■ ■■■■ ■■ ■■■■■■ ■■■■ ■■■ ■■■■■ ■■ ■■■■ ■■■■■■ ■■■ ■■■■ ■■ ■■■■■ ■■■■ ■■■ ■■■■■■ ■■ ■■■■ ■■■■■ ■■■ ■■■■ ■■ ■■■■■■ ■■■■ ■■■ ■■■■■ ■■ ■■■■ ■■■■■■ ■■■ ■■■■ ■■ ■■■■■ ■■■■ ■■■ ■■■■■■ ■■ ■■■■ ■■■■■ ■■■ ■■■■ ■■ ■■■■■■ ■■■■ ■■■ ■■■■■ ■■ ■■■■ ■■■■■■ ■■■ ■■■■ ■■ ■■■■■ ■■■■ ■■■ ■■■■■■ ■■ ■■■■ ■■■■■ ■■■ ■■■■ ■■ ■■■■■■ ■■■■ ■■■ ■■■■■ ■■ ■■■■ ■■■■■■ ■■■ ■■■■ ■■ ■■■■■ ■■■■ ■■■ ■■■■■■ ■■ ■■■■ ■■■■■ ■■■ ■■■■ ■■ ■■■■■■ ■■■■ ■■■ ■■■■■
본사 정론원
